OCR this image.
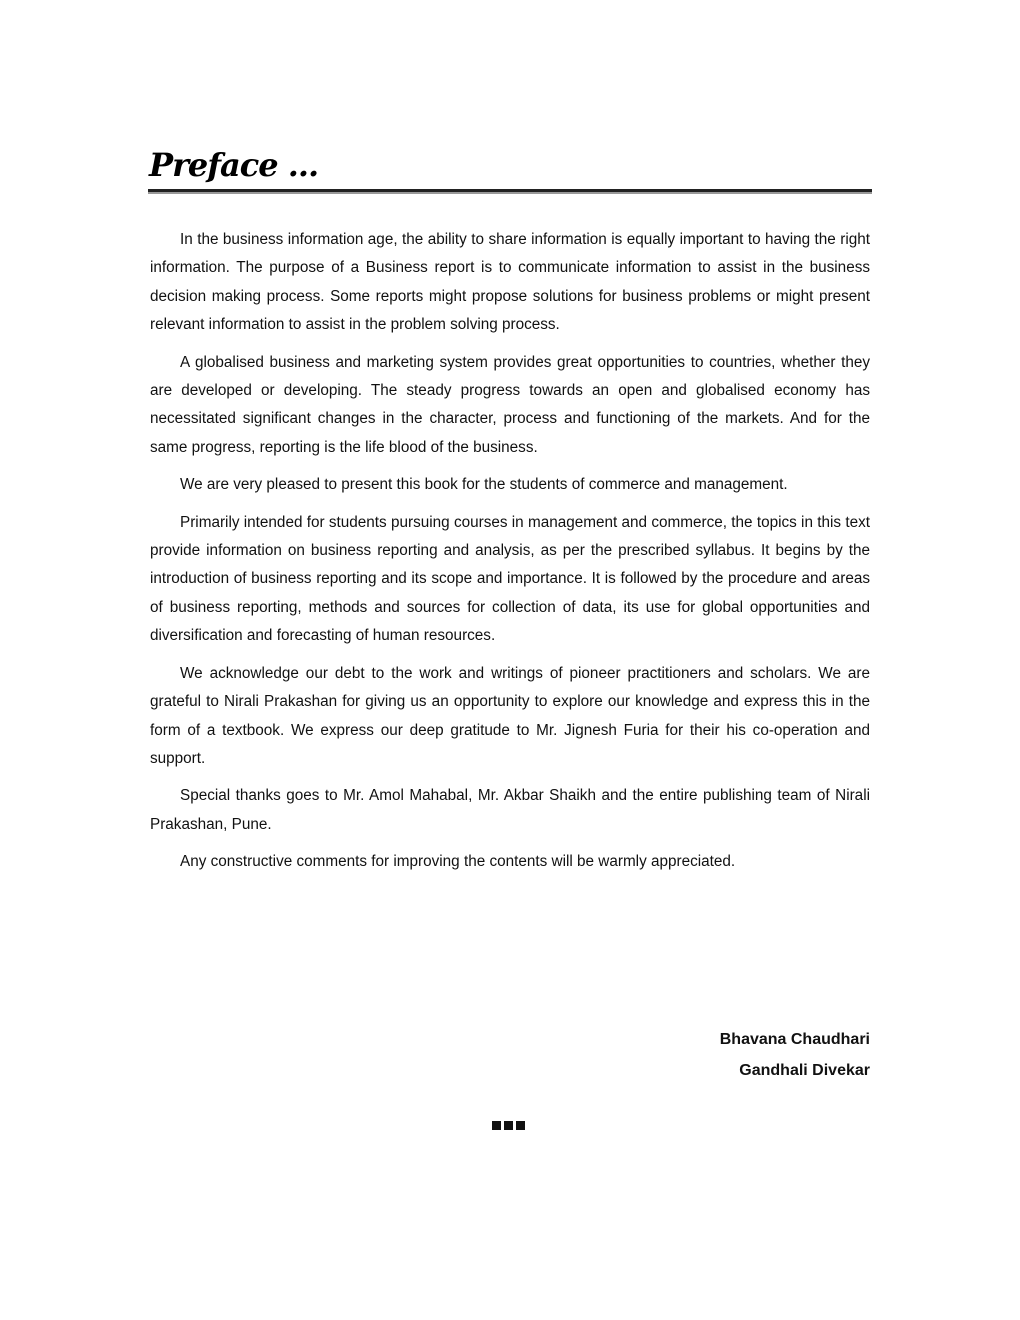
Preface ...

In the business information age, the ability to share information is equally important to having the right information. The purpose of a Business report is to communicate information to assist in the business decision making process. Some reports might propose solutions for business problems or might present relevant information to assist in the problem solving process.

A globalised business and marketing system provides great opportunities to countries, whether they are developed or developing. The steady progress towards an open and globalised economy has necessitated significant changes in the character, process and functioning of the markets. And for the same progress, reporting is the life blood of the business.

We are very pleased to present this book for the students of commerce and management.

Primarily intended for students pursuing courses in management and commerce, the topics in this text provide information on business reporting and analysis, as per the prescribed syllabus. It begins by the introduction of business reporting and its scope and importance. It is followed by the procedure and areas of business reporting, methods and sources for collection of data, its use for global opportunities and diversification and forecasting of human resources.

We acknowledge our debt to the work and writings of pioneer practitioners and scholars. We are grateful to Nirali Prakashan for giving us an opportunity to explore our knowledge and express this in the form of a textbook. We express our deep gratitude to Mr. Jignesh Furia for their his co-operation and support.

Special thanks goes to Mr. Amol Mahabal, Mr. Akbar Shaikh and the entire publishing team of Nirali Prakashan, Pune.

Any constructive comments for improving the contents will be warmly appreciated.

Bhavana Chaudhari
Gandhali Divekar
